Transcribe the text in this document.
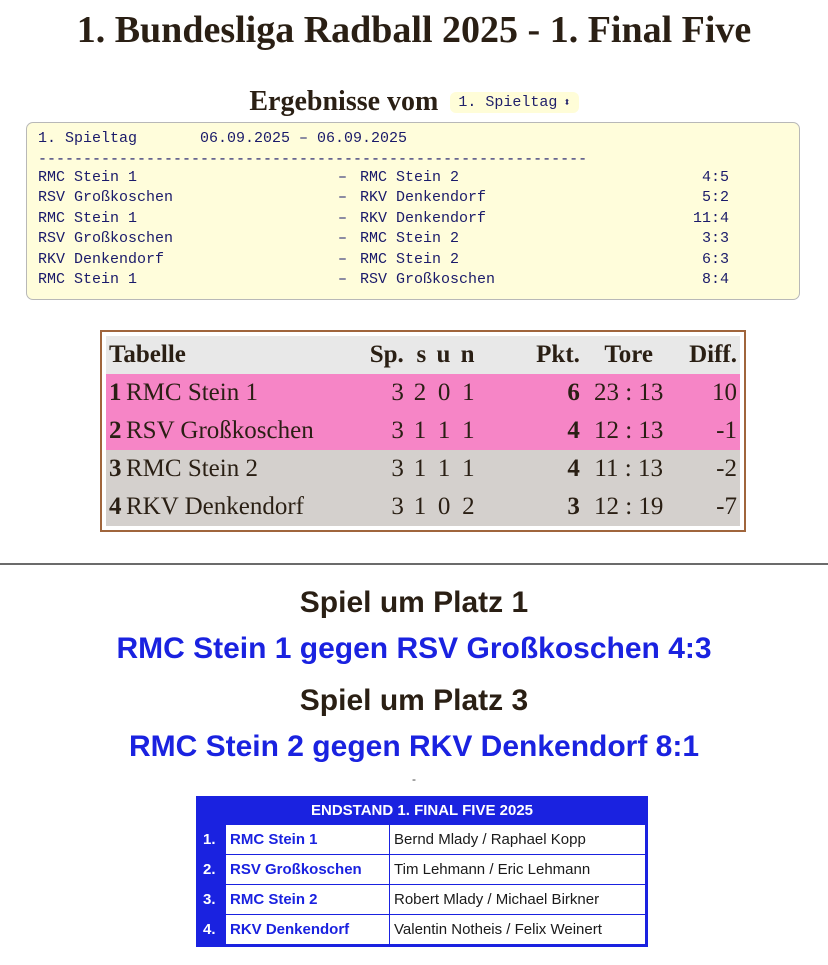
1. Bundesliga Radball 2025 - 1. Final Five
Ergebnisse vom 1. Spieltag ⬍
1. Spieltag	06.09.2025 – 06.09.2025
-------------------------------------------------------------
RMC Stein 1	– RMC Stein 2	4:5
RSV Großkoschen	– RKV Denkendorf	5:2
RMC Stein 1	– RKV Denkendorf	11:4
RSV Großkoschen	– RMC Stein 2	3:3
RKV Denkendorf	– RMC Stein 2	6:3
RMC Stein 1	– RSV Großkoschen	8:4
Tabelle		Sp.	s	u	n	Pkt.	Tore	Diff.
1	RMC Stein 1	3	2	0	1	6	23 : 13	10
2	RSV Großkoschen	3	1	1	1	4	12 : 13	-1
3	RMC Stein 2	3	1	1	1	4	11 : 13	-2
4	RKV Denkendorf	3	1	0	2	3	12 : 19	-7
Spiel um Platz 1
RMC Stein 1 gegen RSV Großkoschen 4:3
Spiel um Platz 3
RMC Stein 2 gegen RKV Denkendorf 8:1
-
ENDSTAND 1. FINAL FIVE 2025
1.	RMC Stein 1	Bernd Mlady / Raphael Kopp
2.	RSV Großkoschen	Tim Lehmann / Eric Lehmann
3.	RMC Stein 2	Robert Mlady / Michael Birkner
4.	RKV Denkendorf	Valentin Notheis / Felix Weinert
